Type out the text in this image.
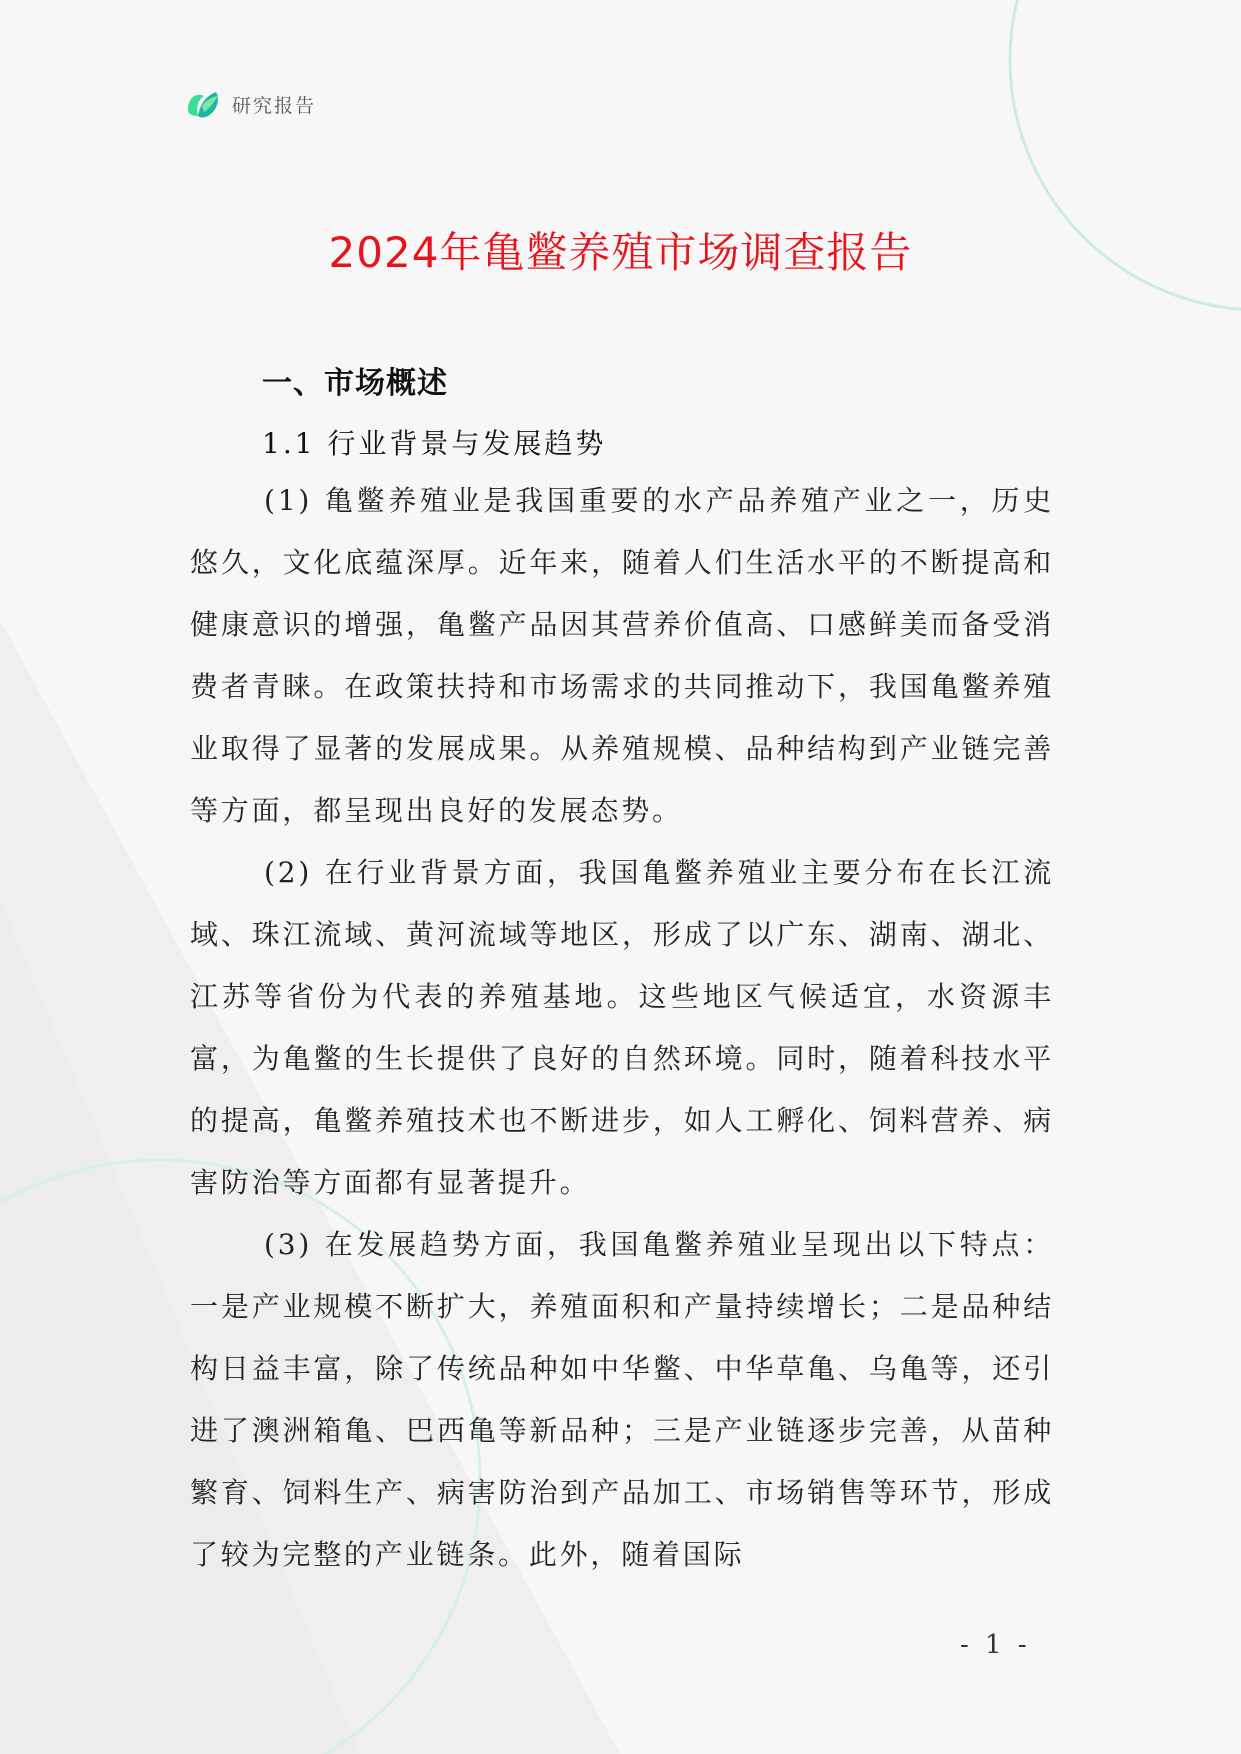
研究报告
2024年亀鳖养殖市场调查报告
一、市场概述
1.1 行业背景与发展趋势

(1) 亀鳖养殖业是我国重要的水产品养殖产业之一，历史悠久，文化底蕴深厚。近年来，随着人们生活水平的不断提高和健康意识的增强，亀鳖产品因其营养价值高、口感鲜美而备受消费者青睐。在政策扶持和市场需求的共同推动下，我国亀鳖养殖业取得了显著的发展成果。从养殖规模、品种结构到产业链完善等方面，都呈现出良好的发展态势。

(2) 在行业背景方面，我国亀鳖养殖业主要分布在长江流域、珠江流域、黄河流域等地区，形成了以广东、湖南、湖北、江苏等省份为代表的养殖基地。这些地区气候适宜，水资源丰富，为亀鳖的生长提供了良好的自然环境。同时，随着科技水平的提高，亀鳖养殖技术也不断进步，如人工孵化、饲料营养、病害防治等方面都有显著提升。

(3) 在发展趋势方面，我国亀鳖养殖业呈现出以下特点：一是产业规模不断扩大，养殖面积和产量持续增长；二是品种结构日益丰富，除了传统品种如中华鳖、中华草亀、乌亀等，还引进了澳洲箱亀、巴西亀等新品种；三是产业链逐步完善，从苗种繁育、饲料生产、病害防治到产品加工、市场销售等环节，形成了较为完整的产业链条。此外，随着国际

- 1 -
